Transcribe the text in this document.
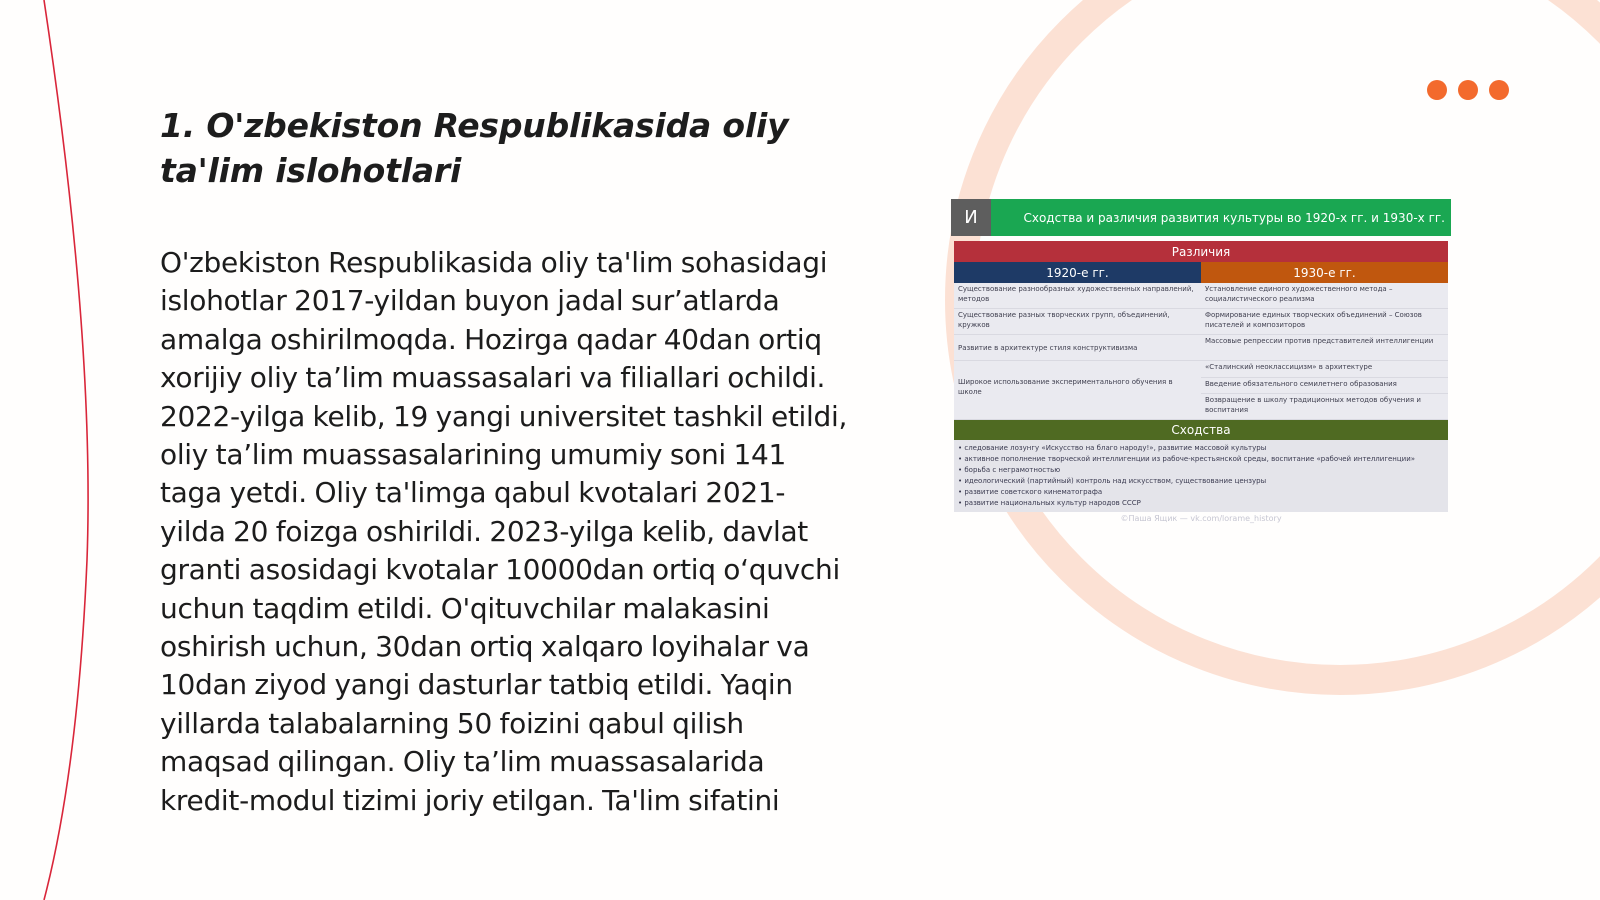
1. O'zbekiston Respublikasida oliy ta'lim islohotlari

O'zbekiston Respublikasida oliy ta'lim sohasidagi islohotlar 2017-yildan buyon jadal sur’atlarda amalga oshirilmoqda. Hozirga qadar 40dan ortiq xorijiy oliy ta’lim muassasalari va filiallari ochildi. 2022-yilga kelib, 19 yangi universitet tashkil etildi, oliy ta’lim muassasalarining umumiy soni 141 taga yetdi. Oliy ta'limga qabul kvotalari 2021-yilda 20 foizga oshirildi. 2023-yilga kelib, davlat granti asosidagi kvotalar 10000dan ortiq o‘quvchi uchun taqdim etildi. O'qituvchilar malakasini oshirish uchun, 30dan ortiq xalqaro loyihalar va 10dan ziyod yangi dasturlar tatbiq etildi. Yaqin yillarda talabalarning 50 foizini qabul qilish maqsad qilingan. Oliy ta’lim muassasalarida kredit-modul tizimi joriy etilgan. Ta'lim sifatini

И	Сходства и различия развития культуры во 1920-х гг. и 1930-х гг.
Различия
1920-е гг.	1930-е гг.
Существование разнообразных художественных направлений, методов
Существование разных творческих групп, объединений, кружков
Развитие в архитектуре стиля конструктивизма
Широкое использование экспериментального обучения в школе
Установление единого художественного метода – социалистического реализма
Формирование единых творческих объединений – Союзов писателей и композиторов
Массовые репрессии против представителей интеллигенции
«Сталинский неоклассицизм» в архитектуре
Введение обязательного семилетнего образования
Возвращение в школу традиционных методов обучения и воспитания
Сходства
• следование лозунгу «Искусство на благо народу!», развитие массовой культуры
• активное пополнение творческой интеллигенции из рабоче-крестьянской среды, воспитание «рабочей интеллигенции»
• борьба с неграмотностью
• идеологический (партийный) контроль над искусством, существование цензуры
• развитие советского кинематографа
• развитие национальных культур народов СССР
©Паша Ящик — vk.com/lorame_history
